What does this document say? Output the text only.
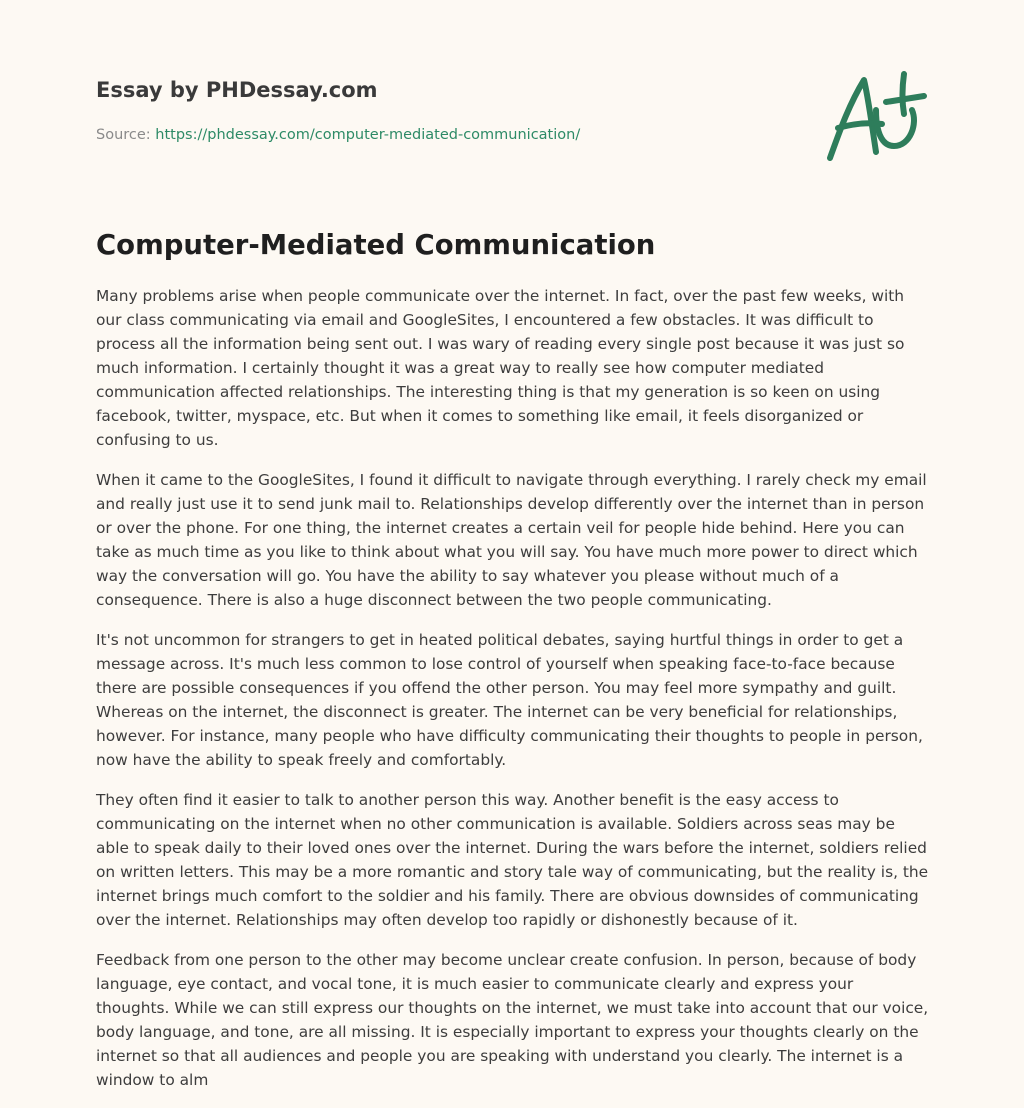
Essay by PHDessay.com
Source: https://phdessay.com/computer-mediated-communication/
Computer-Mediated Communication

Many problems arise when people communicate over the internet. In fact, over the past few weeks, with our class communicating via email and GoogleSites, I encountered a few obstacles. It was difficult to process all the information being sent out. I was wary of reading every single post because it was just so much information. I certainly thought it was a great way to really see how computer mediated communication affected relationships. The interesting thing is that my generation is so keen on using facebook, twitter, myspace, etc. But when it comes to something like email, it feels disorganized or confusing to us.

When it came to the GoogleSites, I found it difficult to navigate through everything. I rarely check my email and really just use it to send junk mail to. Relationships develop differently over the internet than in person or over the phone. For one thing, the internet creates a certain veil for people hide behind. Here you can take as much time as you like to think about what you will say. You have much more power to direct which way the conversation will go. You have the ability to say whatever you please without much of a consequence. There is also a huge disconnect between the two people communicating.

It's not uncommon for strangers to get in heated political debates, saying hurtful things in order to get a message across. It's much less common to lose control of yourself when speaking face-to-face because there are possible consequences if you offend the other person. You may feel more sympathy and guilt. Whereas on the internet, the disconnect is greater. The internet can be very beneficial for relationships, however. For instance, many people who have difficulty communicating their thoughts to people in person, now have the ability to speak freely and comfortably.

They often find it easier to talk to another person this way. Another benefit is the easy access to communicating on the internet when no other communication is available. Soldiers across seas may be able to speak daily to their loved ones over the internet. During the wars before the internet, soldiers relied on written letters. This may be a more romantic and story tale way of communicating, but the reality is, the internet brings much comfort to the soldier and his family. There are obvious downsides of communicating over the internet. Relationships may often develop too rapidly or dishonestly because of it.

Feedback from one person to the other may become unclear create confusion. In person, because of body language, eye contact, and vocal tone, it is much easier to communicate clearly and express your thoughts. While we can still express our thoughts on the internet, we must take into account that our voice, body language, and tone, are all missing. It is especially important to express your thoughts clearly on the internet so that all audiences and people you are speaking with understand you clearly. The internet is a window to alm
